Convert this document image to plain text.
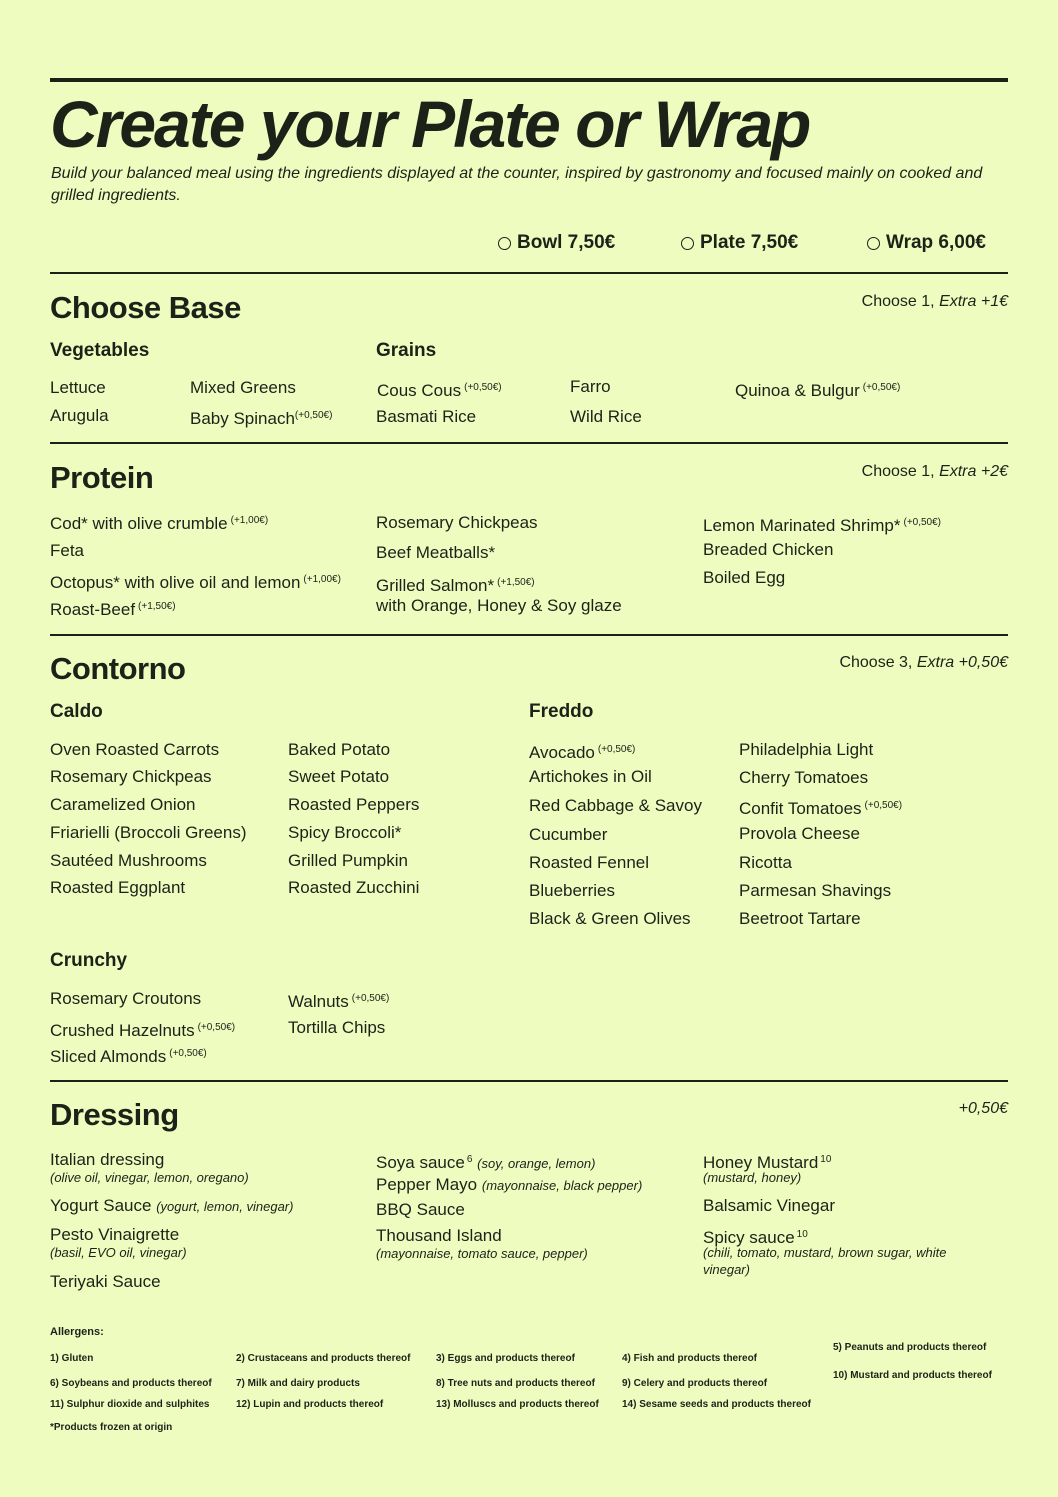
Create your Plate or Wrap
Build your balanced meal using the ingredients displayed at the counter, inspired by gastronomy and focused mainly on cooked and grilled ingredients.
Bowl 7,50€	Plate 7,50€	Wrap 6,00€
Choose Base	Choose 1, Extra +1€
Vegetables	Grains
Lettuce
Arugula
Mixed Greens
Baby Spinach$^{(+0,50€)}$
Cous Cous $^{(+0,50€)}$
Basmati Rice
Farro
Wild Rice
Quinoa & Bulgur $^{(+0,50€)}$
Protein	Choose 1, Extra +2€
Cod* with olive crumble $^{(+1,00€)}$
Feta
Octopus* with olive oil and lemon $^{(+1,00€)}$
Roast-Beef $^{(+1,50€)}$
Rosemary Chickpeas
Beef Meatballs*
Grilled Salmon* $^{(+1,50€)}$
with Orange, Honey & Soy glaze
Lemon Marinated Shrimp* $^{(+0,50€)}$
Breaded Chicken
Boiled Egg
Contorno	Choose 3, Extra +0,50€
Caldo	Freddo
Oven Roasted Carrots
Rosemary Chickpeas
Caramelized Onion
Friarielli (Broccoli Greens)
Sautéed Mushrooms
Roasted Eggplant
Baked Potato
Sweet Potato
Roasted Peppers
Spicy Broccoli*
Grilled Pumpkin
Roasted Zucchini
Avocado $^{(+0,50€)}$
Artichokes in Oil
Red Cabbage & Savoy
Cucumber
Roasted Fennel
Blueberries
Black & Green Olives
Philadelphia Light
Cherry Tomatoes
Confit Tomatoes $^{(+0,50€)}$
Provola Cheese
Ricotta
Parmesan Shavings
Beetroot Tartare
Crunchy
Rosemary Croutons
Crushed Hazelnuts $^{(+0,50€)}$
Sliced Almonds $^{(+0,50€)}$
Walnuts $^{(+0,50€)}$
Tortilla Chips
Dressing	+0,50€
Italian dressing
(olive oil, vinegar, lemon, oregano)
Yogurt Sauce (yogurt, lemon, vinegar)
Pesto Vinaigrette
(basil, EVO oil, vinegar)
Teriyaki Sauce
Soya sauce $^6$ (soy, orange, lemon)
Pepper Mayo (mayonnaise, black pepper)
BBQ Sauce
Thousand Island
(mayonnaise, tomato sauce, pepper)
Honey Mustard $^{10}$
(mustard, honey)
Balsamic Vinegar
Spicy sauce $^{10}$
(chili, tomato, mustard, brown sugar, white vinegar)
Allergens:
1) Gluten	2) Crustaceans and products thereof	3) Eggs and products thereof	4) Fish and products thereof
5) Peanuts and products thereof
6) Soybeans and products thereof 7) Milk and dairy products	8) Tree nuts and products thereof	9) Celery and products thereof
10) Mustard and products thereof
11) Sulphur dioxide and sulphites	12) Lupin and products thereof	13) Molluscs and products thereof 14) Sesame seeds and products thereof
*Products frozen at origin
